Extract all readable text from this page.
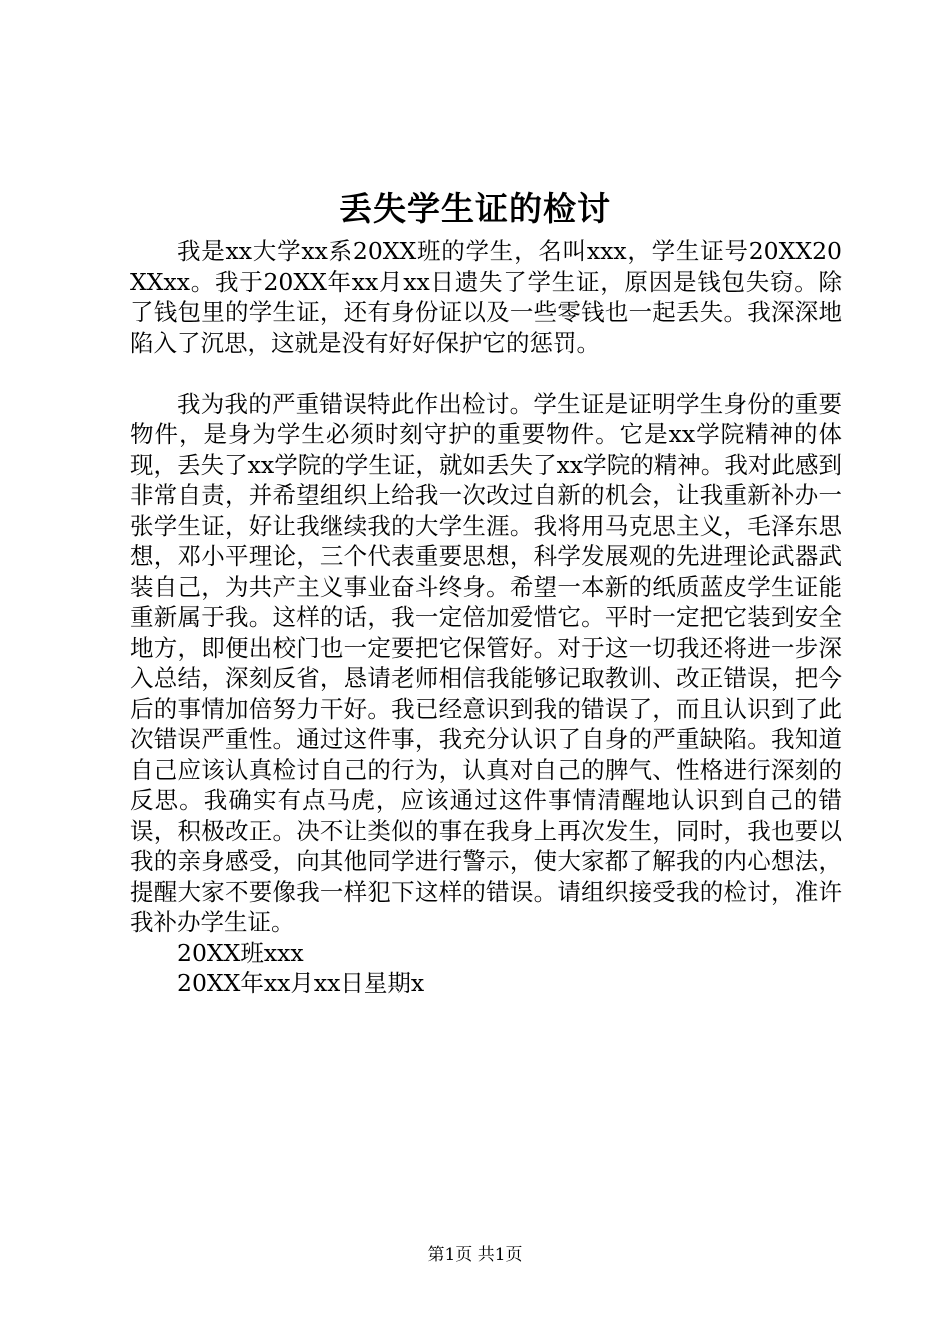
丢失学生证的检讨

我是xx大学xx系20XX班的学生，名叫xxx，学生证号20XX20XXxx。我于20XX年xx月xx日遗失了学生证，原因是钱包失窃。除了钱包里的学生证，还有身份证以及一些零钱也一起丢失。我深深地陷入了沉思，这就是没有好好保护它的惩罚。

我为我的严重错误特此作出检讨。学生证是证明学生身份的重要物件，是身为学生必须时刻守护的重要物件。它是xx学院精神的体现，丢失了xx学院的学生证，就如丢失了xx学院的精神。我对此感到非常自责，并希望组织上给我一次改过自新的机会，让我重新补办一张学生证，好让我继续我的大学生涯。我将用马克思主义，毛泽东思想，邓小平理论，三个代表重要思想，科学发展观的先进理论武器武装自己，为共产主义事业奋斗终身。希望一本新的纸质蓝皮学生证能重新属于我。这样的话，我一定倍加爱惜它。平时一定把它装到安全地方，即便出校门也一定要把它保管好。对于这一切我还将进一步深入总结，深刻反省，恳请老师相信我能够记取教训、改正错误，把今后的事情加倍努力干好。我已经意识到我的错误了，而且认识到了此次错误严重性。通过这件事，我充分认识了自身的严重缺陷。我知道自己应该认真检讨自己的行为，认真对自己的脾气、性格进行深刻的反思。我确实有点马虎，应该通过这件事情清醒地认识到自己的错误，积极改正。决不让类似的事在我身上再次发生，同时，我也要以我的亲身感受，向其他同学进行警示，使大家都了解我的内心想法，提醒大家不要像我一样犯下这样的错误。请组织接受我的检讨，准许我补办学生证。

20XX班xxx

20XX年xx月xx日星期x

第1页 共1页
